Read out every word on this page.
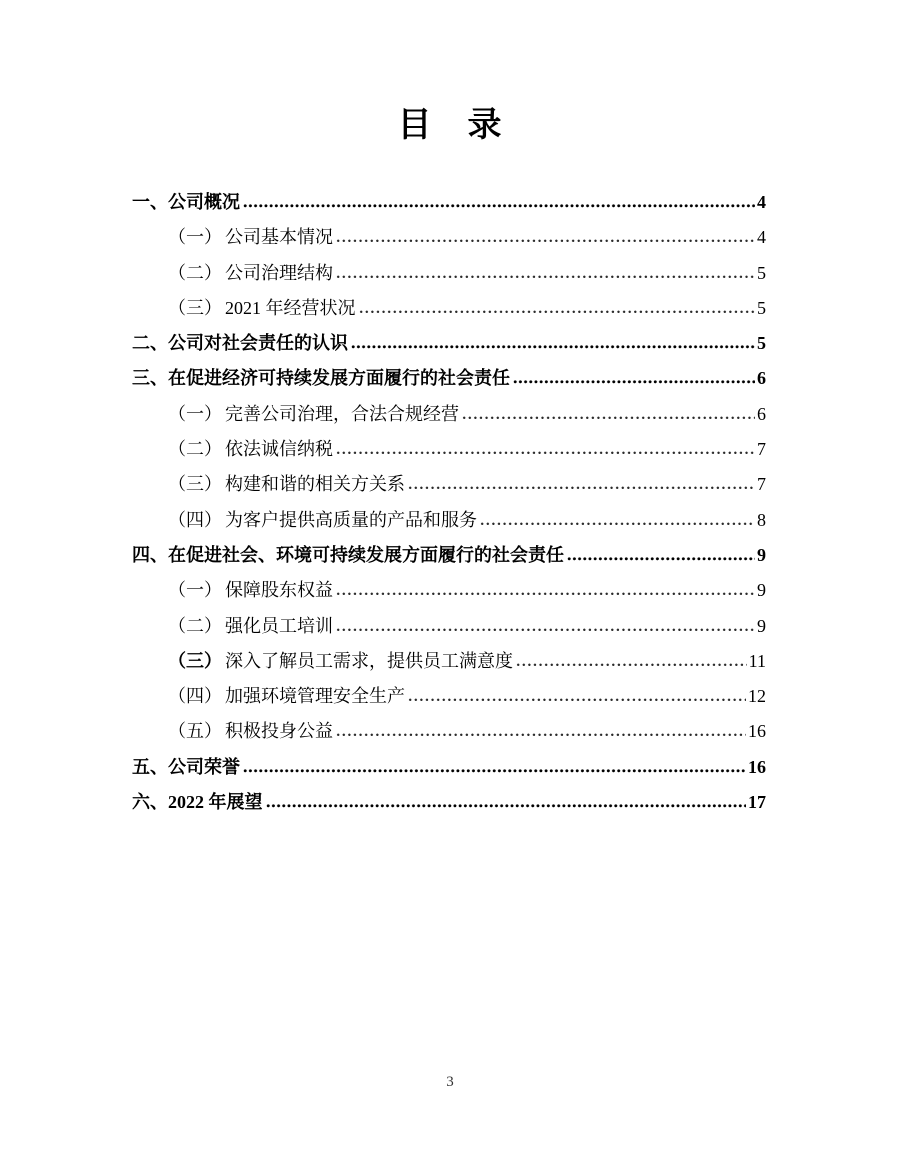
目　录
一、 公司概况	4
（一） 公司基本情况	4
（二） 公司治理结构	5
（三） 2021 年经营状况	5
二、 公司对社会责任的认识	5
三、 在促进经济可持续发展方面履行的社会责任	6
（一） 完善公司治理，合法合规经营	6
（二） 依法诚信纳税	7
（三） 构建和谐的相关方关系	7
（四） 为客户提供高质量的产品和服务	8
四、 在促进社会、环境可持续发展方面履行的社会责任	9
（一） 保障股东权益	9
（二） 强化员工培训	9
（三） 深入了解员工需求，提供员工满意度	11
（四） 加强环境管理安全生产	12
（五） 积极投身公益	16
五、 公司荣誉	16
六、 2022 年展望	17
3
